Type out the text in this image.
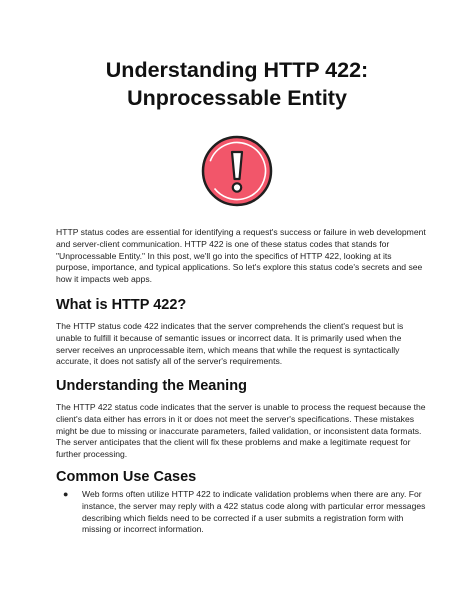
Understanding HTTP 422:
Unprocessable Entity

HTTP status codes are essential for identifying a request's success or failure in web development and server-client communication. HTTP 422 is one of these status codes that stands for "Unprocessable Entity." In this post, we'll go into the specifics of HTTP 422, looking at its purpose, importance, and typical applications. So let's explore this status code's secrets and see how it impacts web apps.

What is HTTP 422?

The HTTP status code 422 indicates that the server comprehends the client's request but is unable to fulfill it because of semantic issues or incorrect data. It is primarily used when the server receives an unprocessable item, which means that while the request is syntactically accurate, it does not satisfy all of the server's requirements.

Understanding the Meaning

The HTTP 422 status code indicates that the server is unable to process the request because the client's data either has errors in it or does not meet the server's specifications. These mistakes might be due to missing or inaccurate parameters, failed validation, or inconsistent data formats. The server anticipates that the client will fix these problems and make a legitimate request for further processing.

Common Use Cases
● Web forms often utilize HTTP 422 to indicate validation problems when there are any. For instance, the server may reply with a 422 status code along with particular error messages describing which fields need to be corrected if a user submits a registration form with missing or incorrect information.
